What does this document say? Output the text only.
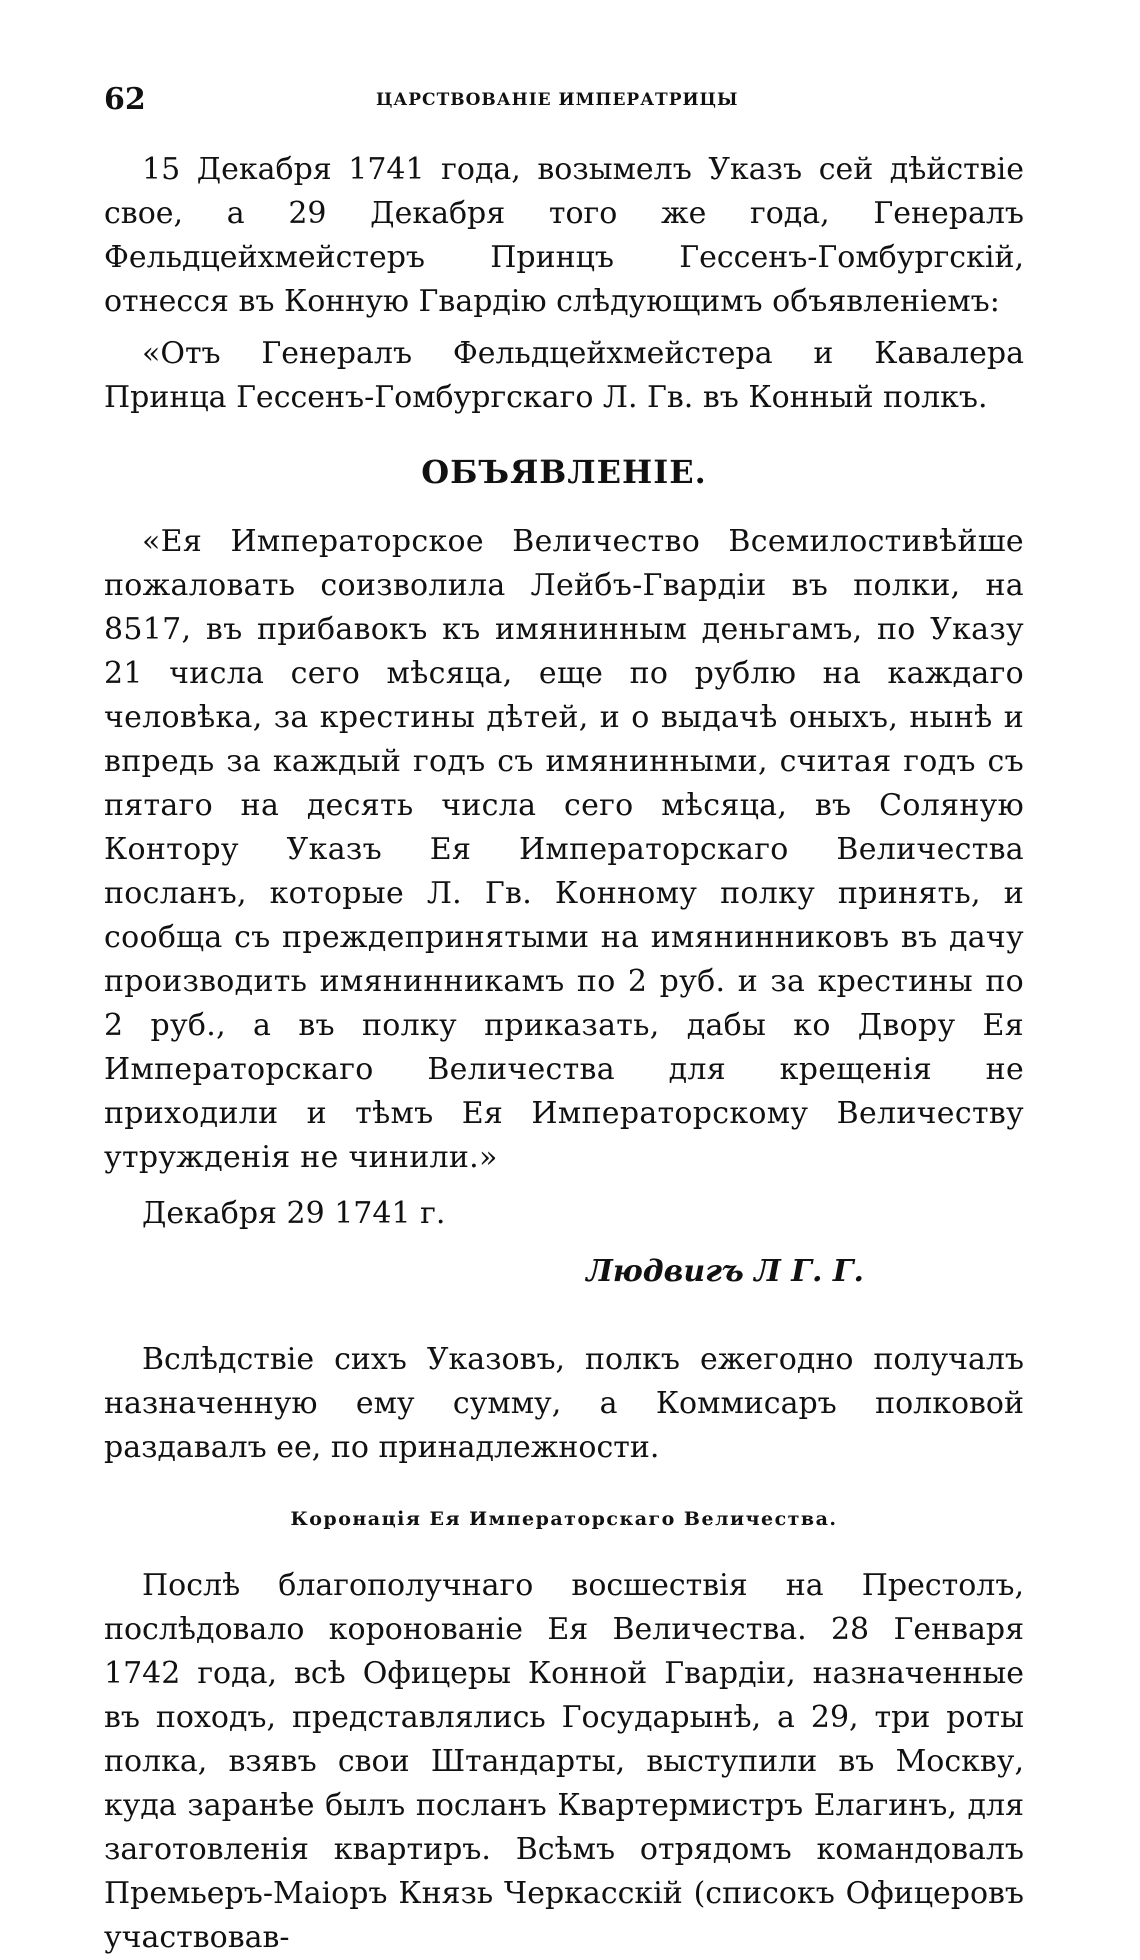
62	ЦАРСТВОВАНІЕ ИМПЕРАТРИЦЫ

15 Декабря 1741 года, возымелъ Указъ сей дѣйствіе свое, а 29 Декабря того же года, Генералъ Фельдцейхмейстеръ Принцъ Гессенъ-Гомбургскій, отнесся въ Конную Гвардію слѣдующимъ объявленіемъ:

«Отъ Генералъ Фельдцейхмейстера и Кавалера Принца Гессенъ-Гомбургскаго Л. Гв. въ Конный полкъ.

ОБЪЯВЛЕНІЕ.

«Ея Императорское Величество Всемилостивѣйше пожаловать соизволила Лейбъ-Гвардіи въ полки, на 8517, въ прибавокъ къ имянинным деньгамъ, по Указу 21 числа сего мѣсяца, еще по рублю на каждаго человѣка, за крестины дѣтей, и о выдачѣ оныхъ, нынѣ и впредь за каждый годъ съ имянинными, считая годъ съ пятаго на десять числа сего мѣсяца, въ Соляную Контору Указъ Ея Императорскаго Величества посланъ, которые Л. Гв. Конному полку принять, и сообща съ преждепринятыми на имянинниковъ въ дачу производить имянинникамъ по 2 руб. и за крестины по 2 руб., а въ полку приказать, дабы ко Двору Ея Императорскаго Величества для крещенія не приходили и тѣмъ Ея Императорскому Величеству утружденія не чинили.»

Декабря 29 1741 г.
Людвигъ Л Г. Г.

Вслѣдствіе сихъ Указовъ, полкъ ежегодно получалъ назначенную ему сумму, а Коммисаръ полковой раздавалъ ее, по принадлежности.

Коронація Ея Императорскаго Величества.

Послѣ благополучнаго восшествія на Престолъ, послѣдовало коронованіе Ея Величества. 28 Генваря 1742 года, всѣ Офицеры Конной Гвардіи, назначенные въ походъ, представлялись Государынѣ, а 29, три роты полка, взявъ свои Штандарты, выступили въ Москву, куда заранѣе былъ посланъ Квартермистръ Елагинъ, для заготовленія квартиръ. Всѣмъ отрядомъ командовалъ Премьеръ-Маіоръ Князь Черкасскій (списокъ Офицеровъ участвовав-
